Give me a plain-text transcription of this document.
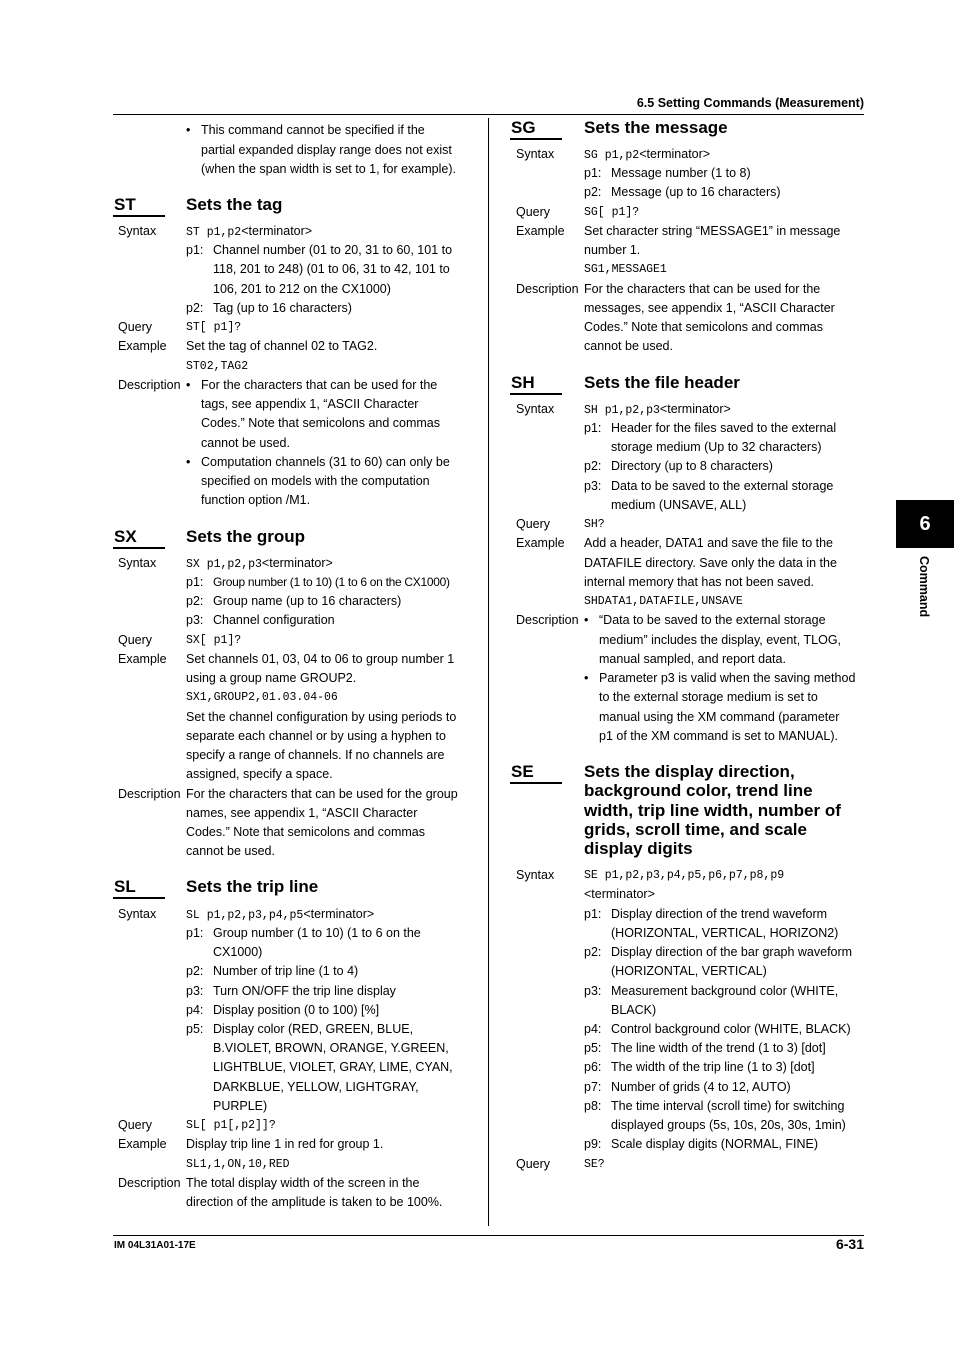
6.5 Setting Commands (Measurement)
6
Command
• This command cannot be specified if the
partial expanded display range does not exist
(when the span width is set to 1, for example).
ST	Sets the tag
Syntax	ST p1,p2<terminator>
p1: Channel number (01 to 20, 31 to 60, 101 to
118, 201 to 248) (01 to 06, 31 to 42, 101 to
106, 201 to 212 on the CX1000)
p2: Tag (up to 16 characters)
Query	ST[ p1]?
Example Set the tag of channel 02 to TAG2.
ST02,TAG2
Description • For the characters that can be used for the
tags, see appendix 1, “ASCII Character
Codes.” Note that semicolons and commas
cannot be used.
• Computation channels (31 to 60) can only be
specified on models with the computation
function option /M1.
SX	Sets the group
Syntax	SX p1,p2,p3<terminator>
p1: Group number (1 to 10) (1 to 6 on the CX1000)
p2: Group name (up to 16 characters)
p3: Channel configuration
Query	SX[ p1]?
Example Set channels 01, 03, 04 to 06 to group number 1
using a group name GROUP2.
SX1,GROUP2,01.03.04-06
Set the channel configuration by using periods to
separate each channel or by using a hyphen to
specify a range of channels. If no channels are
assigned, specify a space.
Description For the characters that can be used for the group
names, see appendix 1, “ASCII Character
Codes.” Note that semicolons and commas
cannot be used.
SL	Sets the trip line
Syntax	SL p1,p2,p3,p4,p5<terminator>
p1: Group number (1 to 10) (1 to 6 on the
CX1000)
p2: Number of trip line (1 to 4)
p3: Turn ON/OFF the trip line display
p4: Display position (0 to 100) [%]
p5: Display color (RED, GREEN, BLUE,
B.VIOLET, BROWN, ORANGE, Y.GREEN,
LIGHTBLUE, VIOLET, GRAY, LIME, CYAN,
DARKBLUE, YELLOW, LIGHTGRAY,
PURPLE)
Query	SL[ p1[,p2]]?
Example Display trip line 1 in red for group 1.
SL1,1,ON,10,RED
Description The total display width of the screen in the
direction of the amplitude is taken to be 100%.
SG	Sets the message
Syntax	SG p1,p2<terminator>
p1: Message number (1 to 8)
p2: Message (up to 16 characters)
Query	SG[ p1]?
Example Set character string “MESSAGE1” in message
number 1.
SG1,MESSAGE1
Description For the characters that can be used for the
messages, see appendix 1, “ASCII Character
Codes.” Note that semicolons and commas
cannot be used.
SH	Sets the file header
Syntax	SH p1,p2,p3<terminator>
p1: Header for the files saved to the external
storage medium (Up to 32 characters)
p2: Directory (up to 8 characters)
p3: Data to be saved to the external storage
medium (UNSAVE, ALL)
Query	SH?
Example Add a header, DATA1 and save the file to the
DATAFILE directory. Save only the data in the
internal memory that has not been saved.
SHDATA1,DATAFILE,UNSAVE
Description • “Data to be saved to the external storage
medium” includes the display, event, TLOG,
manual sampled, and report data.
• Parameter p3 is valid when the saving method
to the external storage medium is set to
manual using the XM command (parameter
p1 of the XM command is set to MANUAL).
SE	Sets the display direction,
background color, trend line
width, trip line width, number of
grids, scroll time, and scale
display digits
Syntax	SE p1,p2,p3,p4,p5,p6,p7,p8,p9
<terminator>
p1: Display direction of the trend waveform
(HORIZONTAL, VERTICAL, HORIZON2)
p2: Display direction of the bar graph waveform
(HORIZONTAL, VERTICAL)
p3: Measurement background color (WHITE,
BLACK)
p4: Control background color (WHITE, BLACK)
p5: The line width of the trend (1 to 3) [dot]
p6: The width of the trip line (1 to 3) [dot]
p7: Number of grids (4 to 12, AUTO)
p8: The time interval (scroll time) for switching
displayed groups (5s, 10s, 20s, 30s, 1min)
p9: Scale display digits (NORMAL, FINE)
Query	SE?
IM 04L31A01-17E	6-31
